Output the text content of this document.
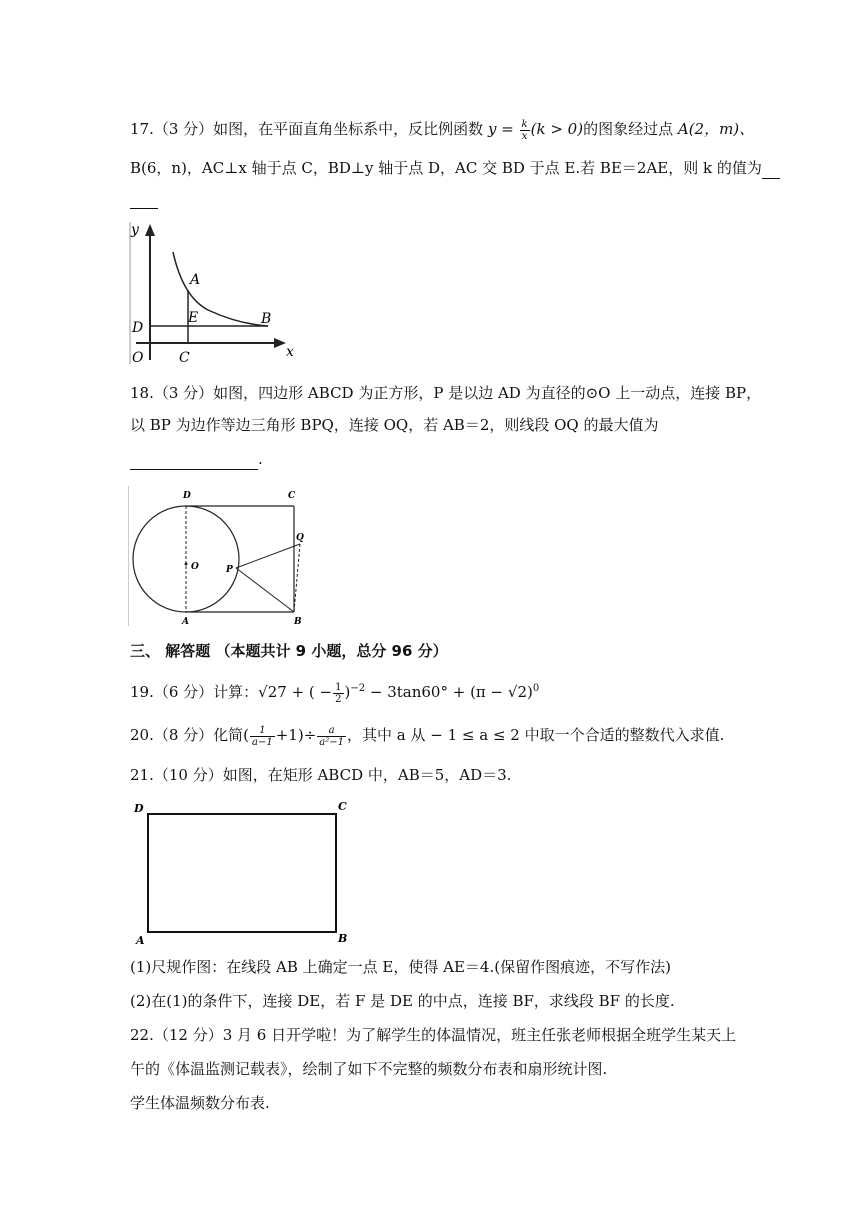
17.（3 分）如图，在平面直角坐标系中，反比例函数 $y = \frac{k}{x} (k > 0)$的图象经过点 A(2，m)、
B(6，n)，AC⊥x 轴于点 C，BD⊥y 轴于点 D，AC 交 BD 于点 E.若 BE＝2AE，则 k 的值为
y
A
B
D
E
O	C	x
18.（3 分）如图，四边形 ABCD 为正方形，P 是以边 AD 为直径的⊙O 上一动点，连接 BP，
以 BP 为边作等边三角形 BPQ，连接 OQ，若 AB＝2，则线段 OQ 的最大值为
.
D	C
Q
O	P
A	B
三、 解答题 （本题共计 9 小题，总分 96 分）
19.（6 分）计算：√27 + ( − $\frac{1}{2} )^{-2} - 3\tan 60^\circ + (\pi - √2)^0$
20.（8 分）化简( $\frac{1}{a-1} +1)\div \frac{a}{\text{a²−1}}$ ，其中 a 从 − 1 ≤ a ≤ 2 中取一个合适的整数代入求值.
21.（10 分）如图，在矩形 ABCD 中，AB＝5，AD＝3.
D	C
A	B
(1)尺规作图：在线段 AB 上确定一点 E，使得 AE＝4.(保留作图痕迹，不写作法)
(2)在(1)的条件下，连接 DE，若 F 是 DE 的中点，连接 BF，求线段 BF 的长度.
22.（12 分）3 月 6 日开学啦！为了解学生的体温情况，班主任张老师根据全班学生某天上
午的《体温监测记载表》，绘制了如下不完整的频数分布表和扇形统计图.
学生体温频数分布表.
